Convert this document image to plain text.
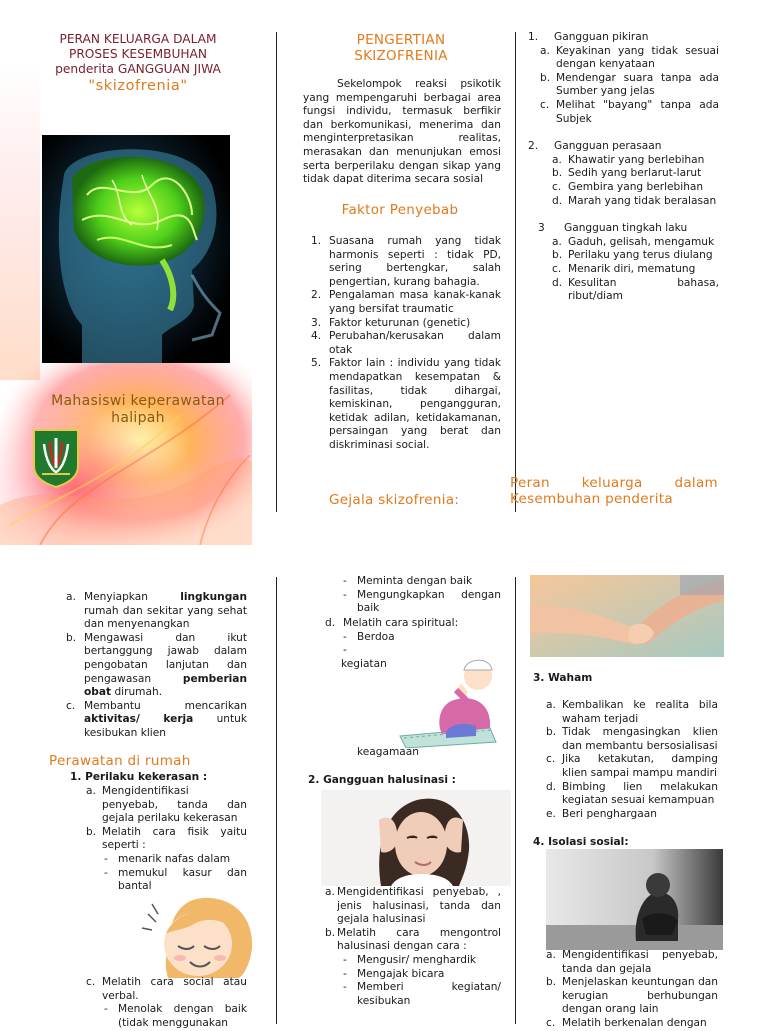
PERAN KELUARGA DALAM
PROSES KESEMBUHAN
penderita GANGGUAN JIWA
"skizofrenia"
Mahasiswi keperawatan
halipah
PENGERTIAN
SKIZOFRENIA
Sekelompok reaksi psikotik yang mempengaruhi berbagai area fungsi individu, termasuk berfikir dan berkomunikasi, menerima dan menginterpretasikan realitas, merasakan dan menunjukan emosi serta berperilaku dengan sikap yang tidak dapat diterima secara sosial
Faktor Penyebab
1. Suasana rumah yang tidak harmonis seperti : tidak PD, sering bertengkar, salah pengertian, kurang bahagia.
2. Pengalaman masa kanak-kanak yang bersifat traumatic
3. Faktor keturunan (genetic)
4. Perubahan/kerusakan dalam otak
5. Faktor lain : individu yang tidak mendapatkan kesempatan & fasilitas, tidak dihargai, kemiskinan, pengangguran, ketidak adilan, ketidakamanan, persaingan yang berat dan diskriminasi social.
Gejala skizofrenia:
1. Gangguan pikiran
a. Keyakinan yang tidak sesuai dengan kenyataan
b. Mendengar suara tanpa ada Sumber yang jelas
c. Melihat "bayang" tanpa ada Subjek
2. Gangguan perasaan
a. Khawatir yang berlebihan
b. Sedih yang berlarut-larut
c. Gembira yang berlebihan
d. Marah yang tidak beralasan
3 Gangguan tingkah laku
a. Gaduh, gelisah, mengamuk
b. Perilaku yang terus diulang
c. Menarik diri, mematung
d. Kesulitan bahasa, ribut/diam
Peran keluarga dalam
Kesembuhan penderita
a. Menyiapkan lingkungan rumah dan sekitar yang sehat dan menyenangkan
b. Mengawasi dan ikut bertanggung jawab dalam pengobatan lanjutan dan pengawasan pemberian obat dirumah.
c. Membantu mencarikan aktivitas/ kerja untuk kesibukan klien
Perawatan di rumah
1. Perilaku kekerasan :
a. Mengidentifikasi penyebab, tanda dan gejala perilaku kekerasan
b. Melatih cara fisik yaitu seperti :
- menarik nafas dalam
- memukul kasur dan bantal
c. Melatih cara social atau verbal.
- Menolak dengan baik (tidak menggunakan
- Meminta dengan baik
- Mengungkapkan dengan baik
d. Melatih cara spiritual:
- Berdoa
-
kegiatan
keagamaan
2. Gangguan halusinasi :
a. Mengidentifikasi penyebab, , jenis halusinasi, tanda dan gejala halusinasi
b. Melatih cara mengontrol halusinasi dengan cara :
- Mengusir/ menghardik
- Mengajak bicara
- Memberi kegiatan/ kesibukan
3. Waham
a. Kembalikan ke realita bila waham terjadi
b. Tidak mengasingkan klien dan membantu bersosialisasi
c. Jika ketakutan, damping klien sampai mampu mandiri
d. Bimbing lien melakukan kegiatan sesuai kemampuan
e. Beri penghargaan
4. Isolasi sosial:
a. Mengidentifikasi penyebab, tanda dan gejala
b. Menjelaskan keuntungan dan kerugian berhubungan dengan orang lain
c. Melatih berkenalan dengan
